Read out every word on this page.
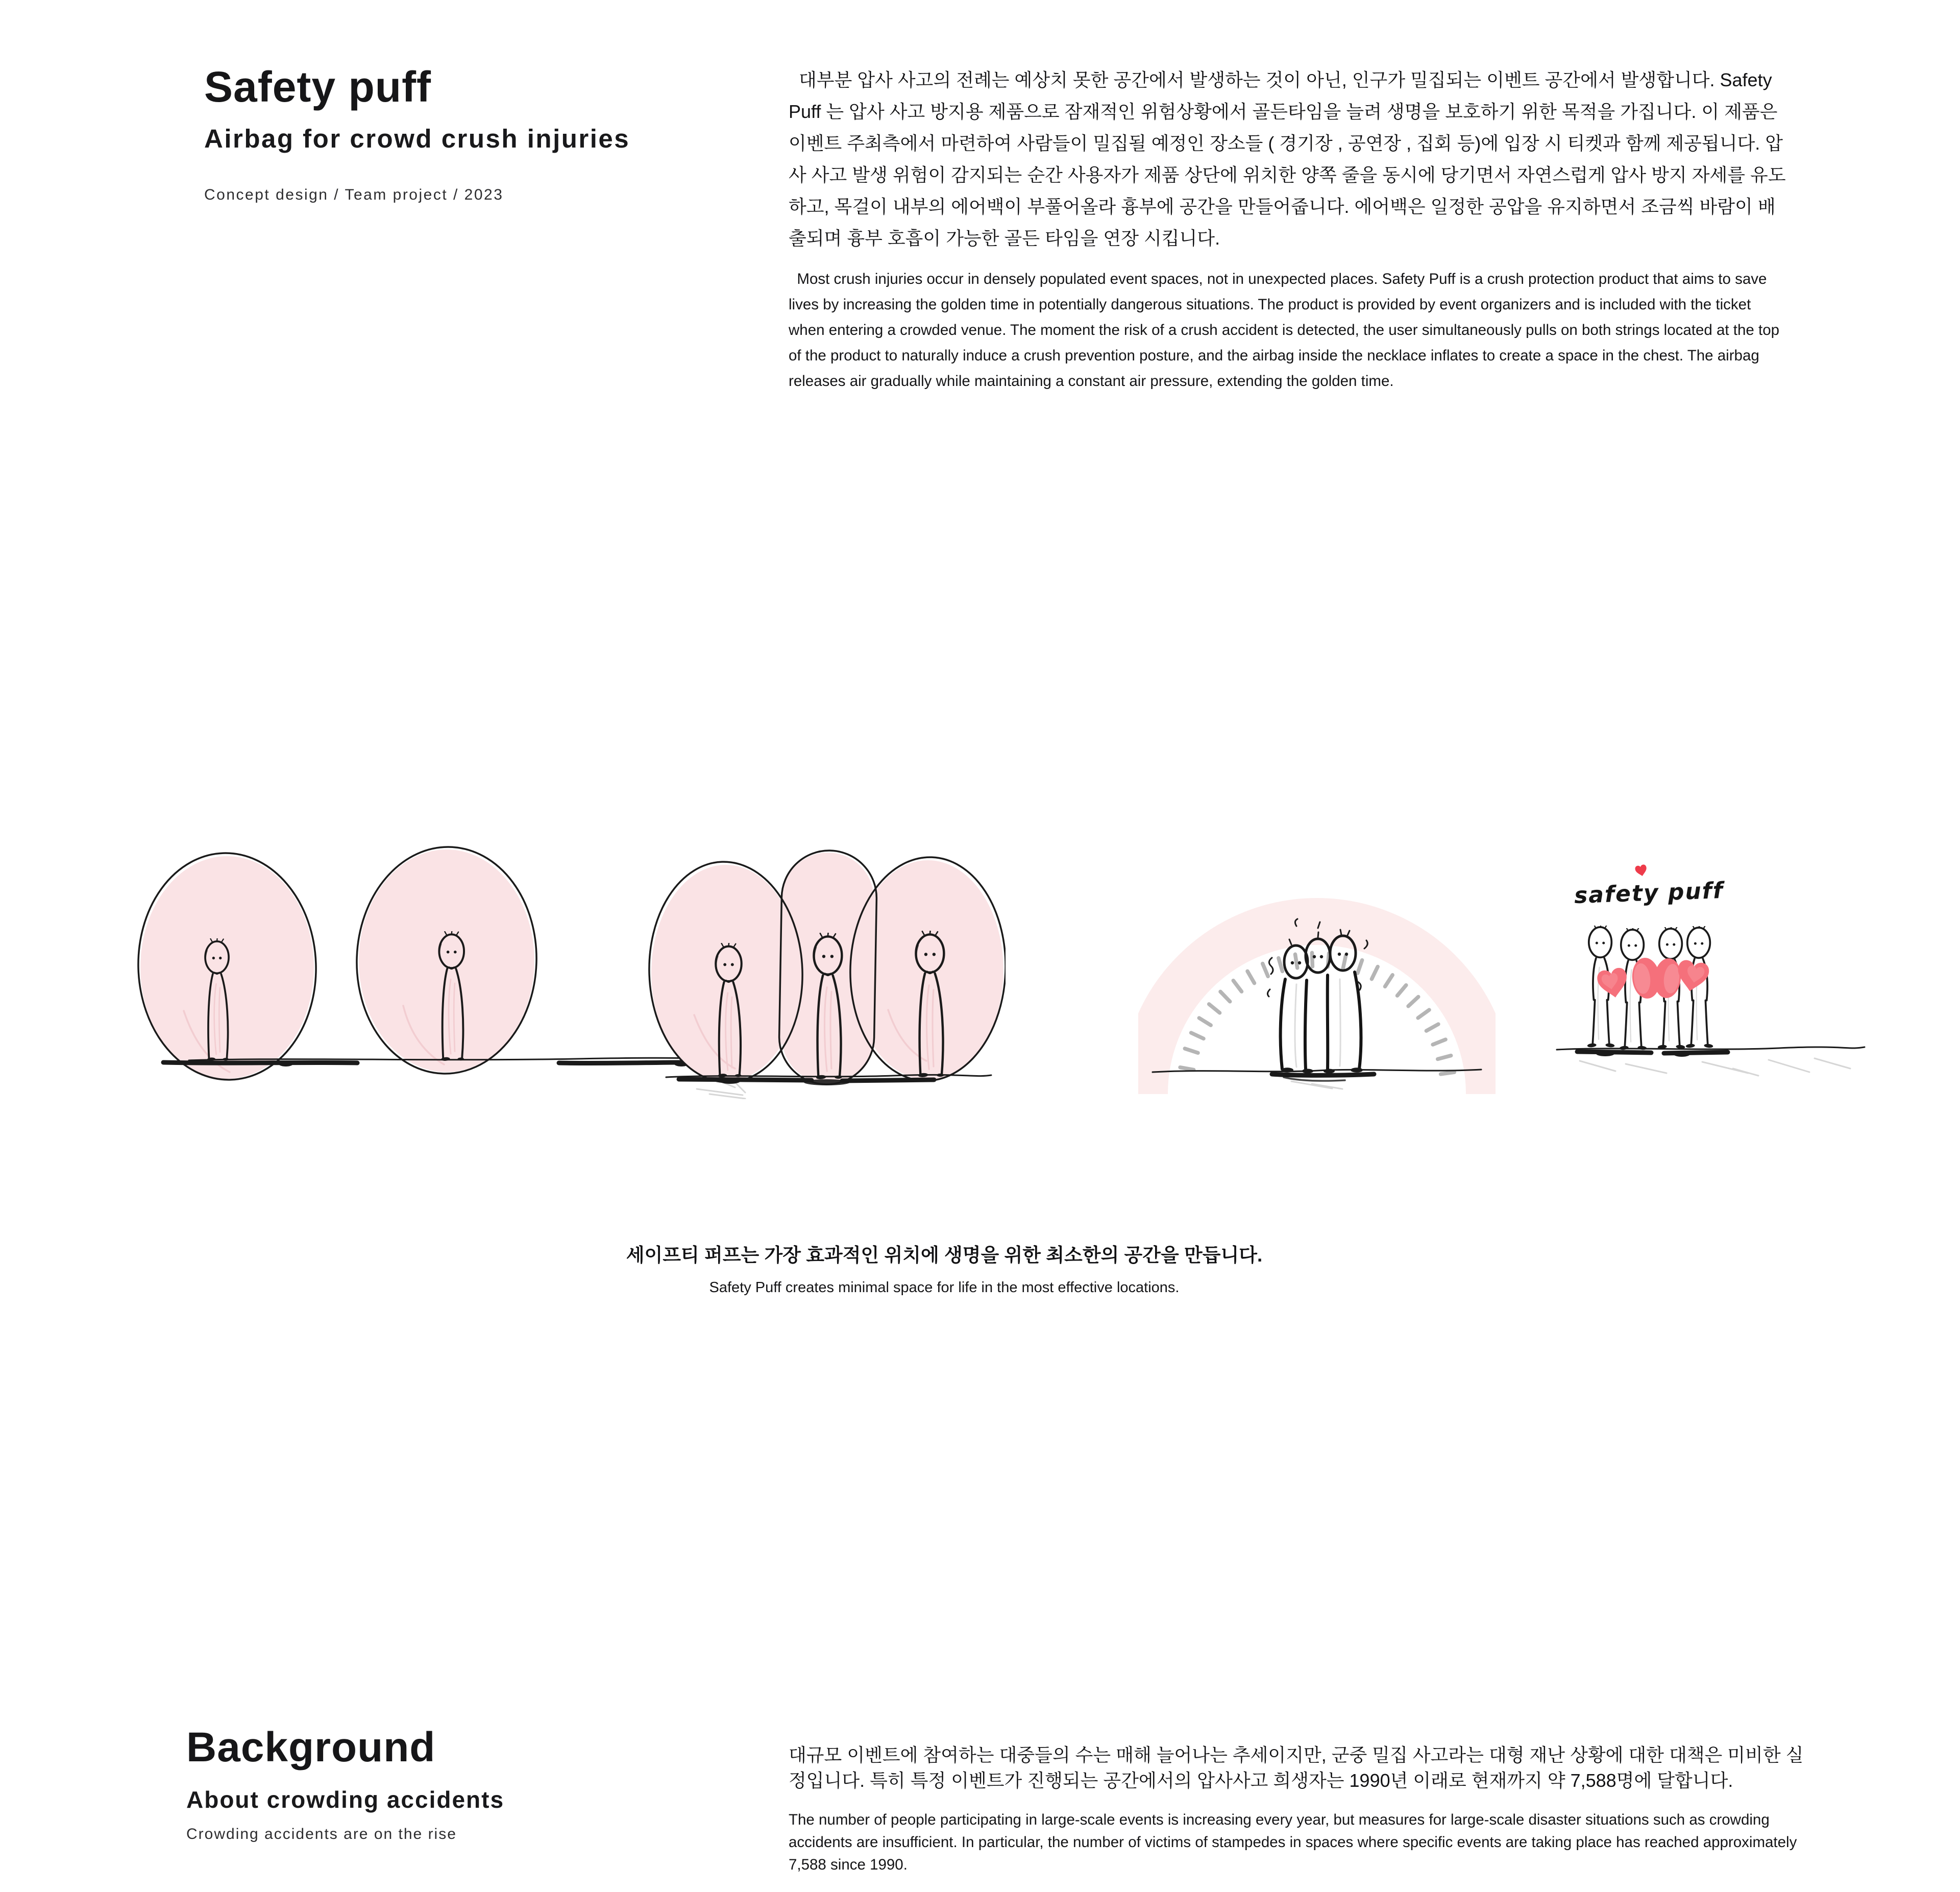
Safety puff
Airbag for crowd crush injuries

Concept design / Team project / 2023

대부분 압사 사고의 전례는 예상치 못한 공간에서 발생하는 것이 아닌, 인구가 밀집되는 이벤트 공간에서 발생합니다. Safety Puff 는 압사 사고 방지용 제품으로 잠재적인 위험상황에서 골든타임을 늘려 생명을 보호하기 위한 목적을 가집니다. 이 제품은 이벤트 주최측에서 마련하여 사람들이 밀집될 예정인 장소들 ( 경기장 , 공연장 , 집회 등)에 입장 시 티켓과 함께 제공됩니다. 압사 사고 발생 위험이 감지되는 순간 사용자가 제품 상단에 위치한 양쪽 줄을 동시에 당기면서 자연스럽게 압사 방지 자세를 유도하고, 목걸이 내부의 에어백이 부풀어올라 흉부에 공간을 만들어줍니다. 에어백은 일정한 공압을 유지하면서 조금씩 바람이 배출되며 흉부 호흡이 가능한 골든 타임을 연장 시킵니다.

Most crush injuries occur in densely populated event spaces, not in unexpected places. Safety Puff is a crush protection product that aims to save lives by increasing the golden time in potentially dangerous situations. The product is provided by event organizers and is included with the ticket when entering a crowded venue. The moment the risk of a crush accident is detected, the user simultaneously pulls on both strings located at the top of the product to naturally induce a crush prevention posture, and the airbag inside the necklace inflates to create a space in the chest. The airbag releases air gradually while maintaining a constant air pressure, extending the golden time.

safety puff

세이프티 퍼프는 가장 효과적인 위치에 생명을 위한 최소한의 공간을 만듭니다.

Safety Puff creates minimal space for life in the most effective locations.

Background
About crowding accidents

Crowding accidents are on the rise

대규모 이벤트에 참여하는 대중들의 수는 매해 늘어나는 추세이지만, 군중 밀집 사고라는 대형 재난 상황에 대한 대책은 미비한 실정입니다. 특히 특정 이벤트가 진행되는 공간에서의 압사사고 희생자는 1990년 이래로 현재까지 약 7,588명에 달합니다.

The number of people participating in large-scale events is increasing every year, but measures for large-scale disaster situations such as crowding accidents are insufficient. In particular, the number of victims of stampedes in spaces where specific events are taking place has reached approximately 7,588 since 1990.
